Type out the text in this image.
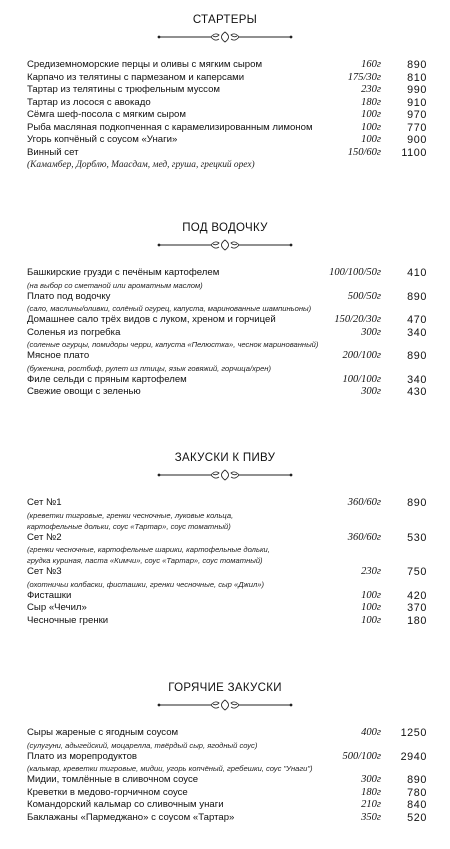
СТАРТЕРЫ
Средиземноморские перцы и оливы с мягким сыром	160г 890
Карпачо из телятины с пармезаном и каперсами	175/30г 810
Тартар из телятины с трюфельным муссом	230г 990
Тартар из лосося с авокадо	180г 910
Сёмга шеф-посола с мягким сыром	100г 970
Рыба масляная подкопченная с карамелизированным лимоном	100г 770
Угорь копчёный с соусом «Унаги»	100г 900
Винный сет	150/60г 1100
(Камамбер, Дорблю, Маасдам, мед, груша, грецкий орех)
ПОД ВОДОЧКУ
Башкирские грузди с печёным картофелем	100/100/50г 410
(на выбор со сметаной или ароматным маслом)
Плато под водочку	500/50г 890
(сало, маслины/оливки, солёный огурец, капуста, маринованные шампиньоны)
Домашнее сало трёх видов с луком, хреном и горчицей	150/20/30г 470
Соленья из погребка	300г 340
(соленые огурцы, помидоры черри, капуста «Пелюстка», чеснок маринованный)
Мясное плато	200/100г 890
(буженина, ростбиф, рулет из птицы, язык говяжий, горчица/хрен)
Филе сельди с пряным картофелем	100/100г 340
Свежие овощи с зеленью	300г 430
ЗАКУСКИ К ПИВУ
Сет №1	360/60г 890
(креветки тигровые, гренки чесночные, луковые кольца,
картофельные дольки, соус «Тартар», соус томатный)
Сет №2	360/60г 530
(гренки чесночные, картофельные шарики, картофельные дольки,
грудка куриная, паста «Кимчи», соус «Тартар», соус томатный)
Сет №3	230г 750
(охотничьи колбаски, фисташки, гренки чесночные, сыр «Джил»)
Фисташки	100г 420
Сыр «Чечил»	100г 370
Чесночные гренки	100г 180
ГОРЯЧИЕ ЗАКУСКИ
Сыры жареные с ягодным соусом	400г 1250
(сулугуни, адыгейский, моцарелла, твёрдый сыр, ягодный соус)
Плато из морепродуктов	500/100г 2940
(кальмар, креветки тигровые, мидии, угорь копчёный, гребешки, соус "Унаги")
Мидии, томлённые в сливочном соусе	300г 890
Креветки в медово-горчичном соусе	180г 780
Командорский кальмар со сливочным унаги	210г 840
Баклажаны «Пармеджано» с соусом «Тартар»	350г 520
